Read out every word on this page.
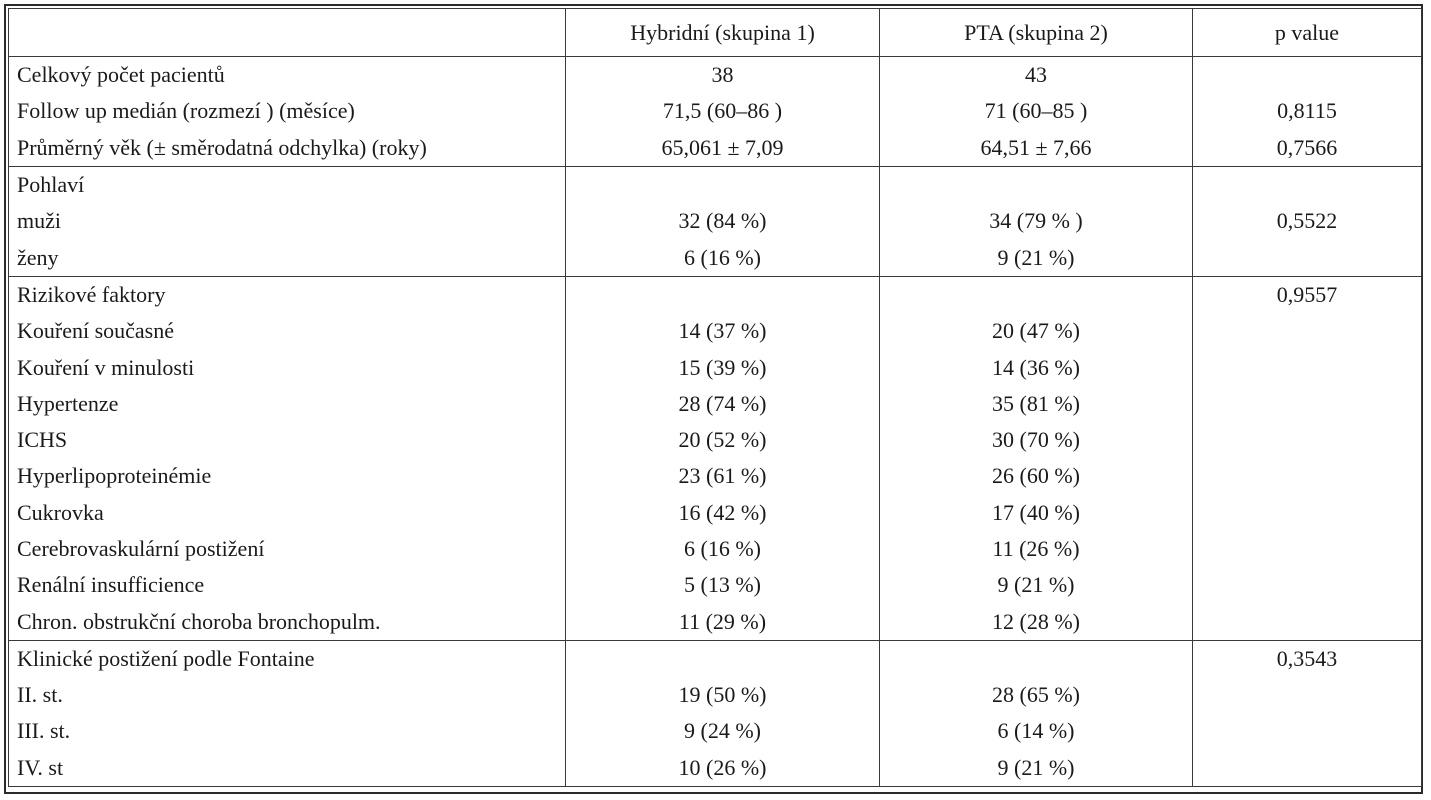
	Hybridní (skupina 1)	PTA (skupina 2)	p value
Celkový počet pacientů	38	43	
Follow up medián (rozmezí ) (měsíce)	71,5 (60–86 )	71 (60–85 )	0,8115
Průměrný věk (± směrodatná odchylka) (roky)	65,061 ± 7,09	64,51 ± 7,66	0,7566
Pohlaví			
muži	32 (84 %)	34 (79 % )	0,5522
ženy	6 (16 %)	9 (21 %)	
Rizikové faktory			0,9557
Kouření současné	14 (37 %)	20 (47 %)	
Kouření v minulosti	15 (39 %)	14 (36 %)	
Hypertenze	28 (74 %)	35 (81 %)	
ICHS	20 (52 %)	30 (70 %)	
Hyperlipoproteinémie	23 (61 %)	26 (60 %)	
Cukrovka	16 (42 %)	17 (40 %)	
Cerebrovaskulární postižení	6 (16 %)	11 (26 %)	
Renální insufficience	5 (13 %)	9 (21 %)	
Chron. obstrukční choroba bronchopulm.	11 (29 %)	12 (28 %)	
Klinické postižení podle Fontaine			0,3543
II. st.	19 (50 %)	28 (65 %)	
III. st.	9 (24 %)	6 (14 %)	
IV. st	10 (26 %)	9 (21 %)	
